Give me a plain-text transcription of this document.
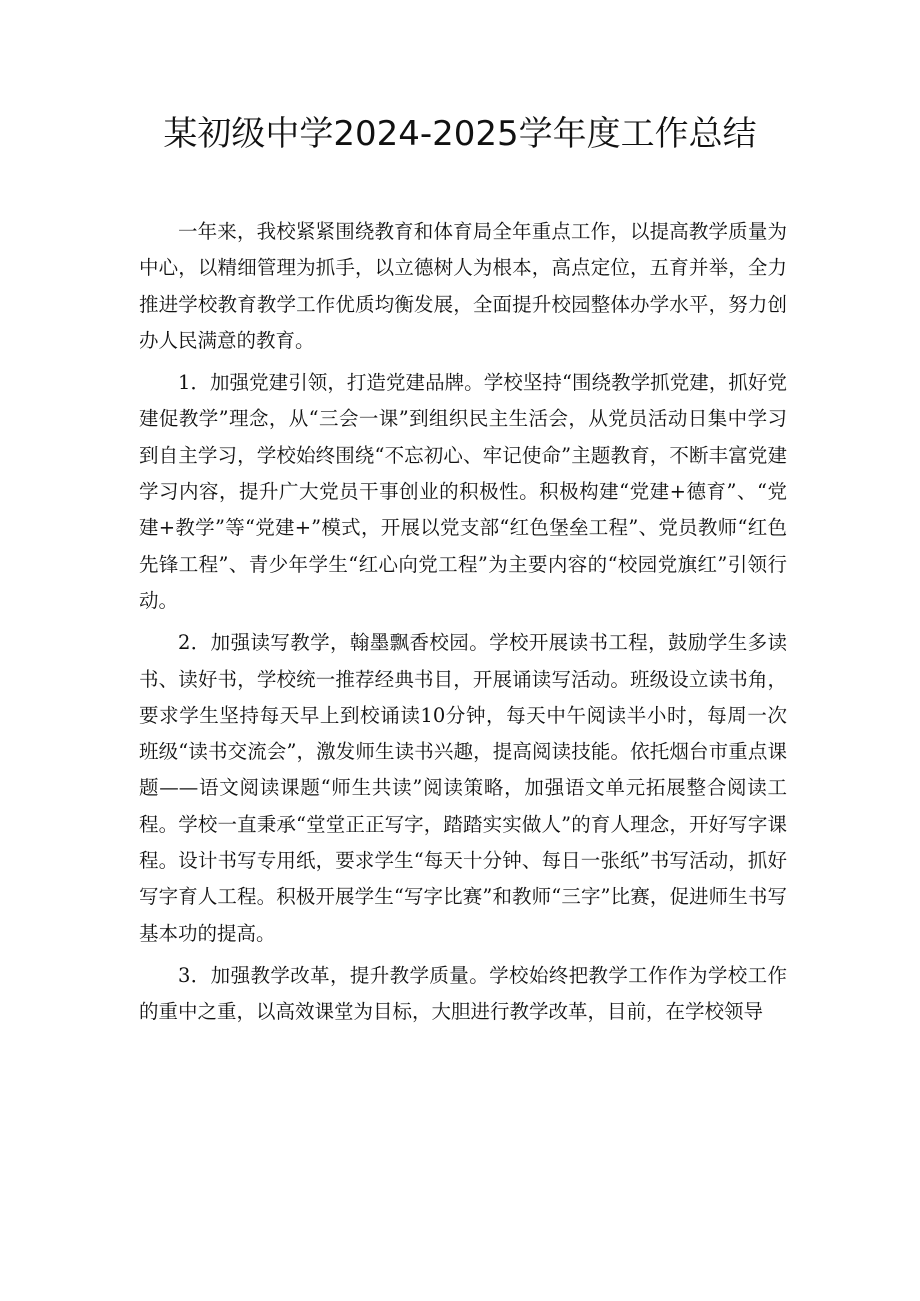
某初级中学2024-2025学年度工作总结

一年来，我校紧紧围绕教育和体育局全年重点工作，以提高教学质量为中心，以精细管理为抓手，以立德树人为根本，高点定位，五育并举，全力推进学校教育教学工作优质均衡发展，全面提升校园整体办学水平，努力创办人民满意的教育。

1．加强党建引领，打造党建品牌。学校坚持“围绕教学抓党建，抓好党建促教学”理念，从“三会一课”到组织民主生活会，从党员活动日集中学习到自主学习，学校始终围绕“不忘初心、牢记使命”主题教育，不断丰富党建学习内容，提升广大党员干事创业的积极性。积极构建“党建+德育”、“党建+教学”等“党建+”模式，开展以党支部“红色堡垒工程”、党员教师“红色先锋工程”、青少年学生“红心向党工程”为主要内容的“校园党旗红”引领行动。

2．加强读写教学，翰墨飘香校园。学校开展读书工程，鼓励学生多读书、读好书，学校统一推荐经典书目，开展诵读写活动。班级设立读书角，要求学生坚持每天早上到校诵读10分钟，每天中午阅读半小时，每周一次班级“读书交流会”，激发师生读书兴趣，提高阅读技能。依托烟台市重点课题——语文阅读课题“师生共读”阅读策略，加强语文单元拓展整合阅读工程。学校一直秉承“堂堂正正写字，踏踏实实做人”的育人理念，开好写字课程。设计书写专用纸，要求学生“每天十分钟、每日一张纸”书写活动，抓好写字育人工程。积极开展学生“写字比赛”和教师“三字”比赛，促进师生书写基本功的提高。

3．加强教学改革，提升教学质量。学校始终把教学工作作为学校工作的重中之重，以高效课堂为目标，大胆进行教学改革，目前，在学校领导
